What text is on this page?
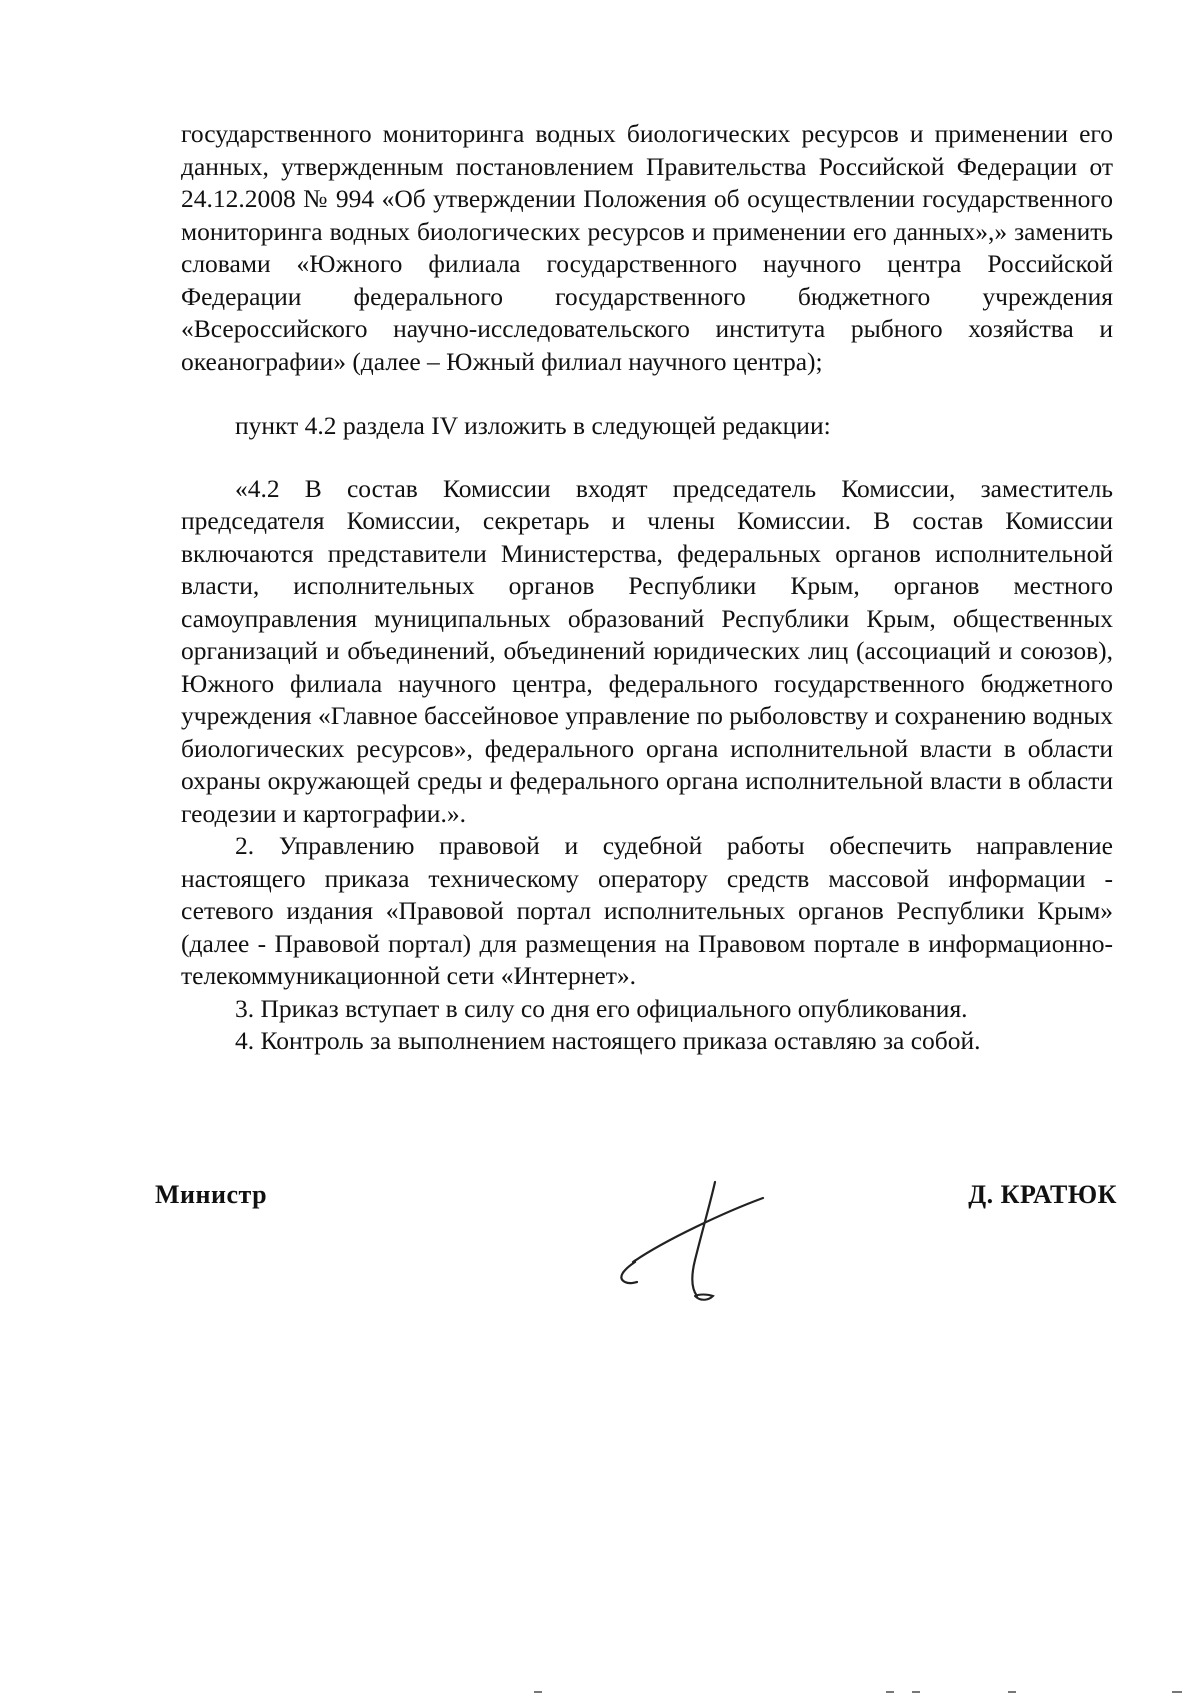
государственного мониторинга водных биологических ресурсов и применении его данных, утвержденным постановлением Правительства Российской Федерации от 24.12.2008 № 994 «Об утверждении Положения об осуществлении государственного мониторинга водных биологических ресурсов и применении его данных»,» заменить словами «Южного филиала государственного научного центра Российской Федерации федерального государственного бюджетного учреждения «Всероссийского научно-исследовательского института рыбного хозяйства и океанографии» (далее – Южный филиал научного центра);

пункт 4.2 раздела IV изложить в следующей редакции:

«4.2 В состав Комиссии входят председатель Комиссии, заместитель председателя Комиссии, секретарь и члены Комиссии. В состав Комиссии включаются представители Министерства, федеральных органов исполнительной власти, исполнительных органов Республики Крым, органов местного самоуправления муниципальных образований Республики Крым, общественных организаций и объединений, объединений юридических лиц (ассоциаций и союзов), Южного филиала научного центра, федерального государственного бюджетного учреждения «Главное бассейновое управление по рыболовству и сохранению водных биологических ресурсов», федерального органа исполнительной власти в области охраны окружающей среды и федерального органа исполнительной власти в области геодезии и картографии.».

2. Управлению правовой и судебной работы обеспечить направление настоящего приказа техническому оператору средств массовой информации - сетевого издания «Правовой портал исполнительных органов Республики Крым» (далее - Правовой портал) для размещения на Правовом портале в информационно- телекоммуникационной сети «Интернет».

3. Приказ вступает в силу со дня его официального опубликования.

4. Контроль за выполнением настоящего приказа оставляю за собой.

Министр	Д. КРАТЮК
